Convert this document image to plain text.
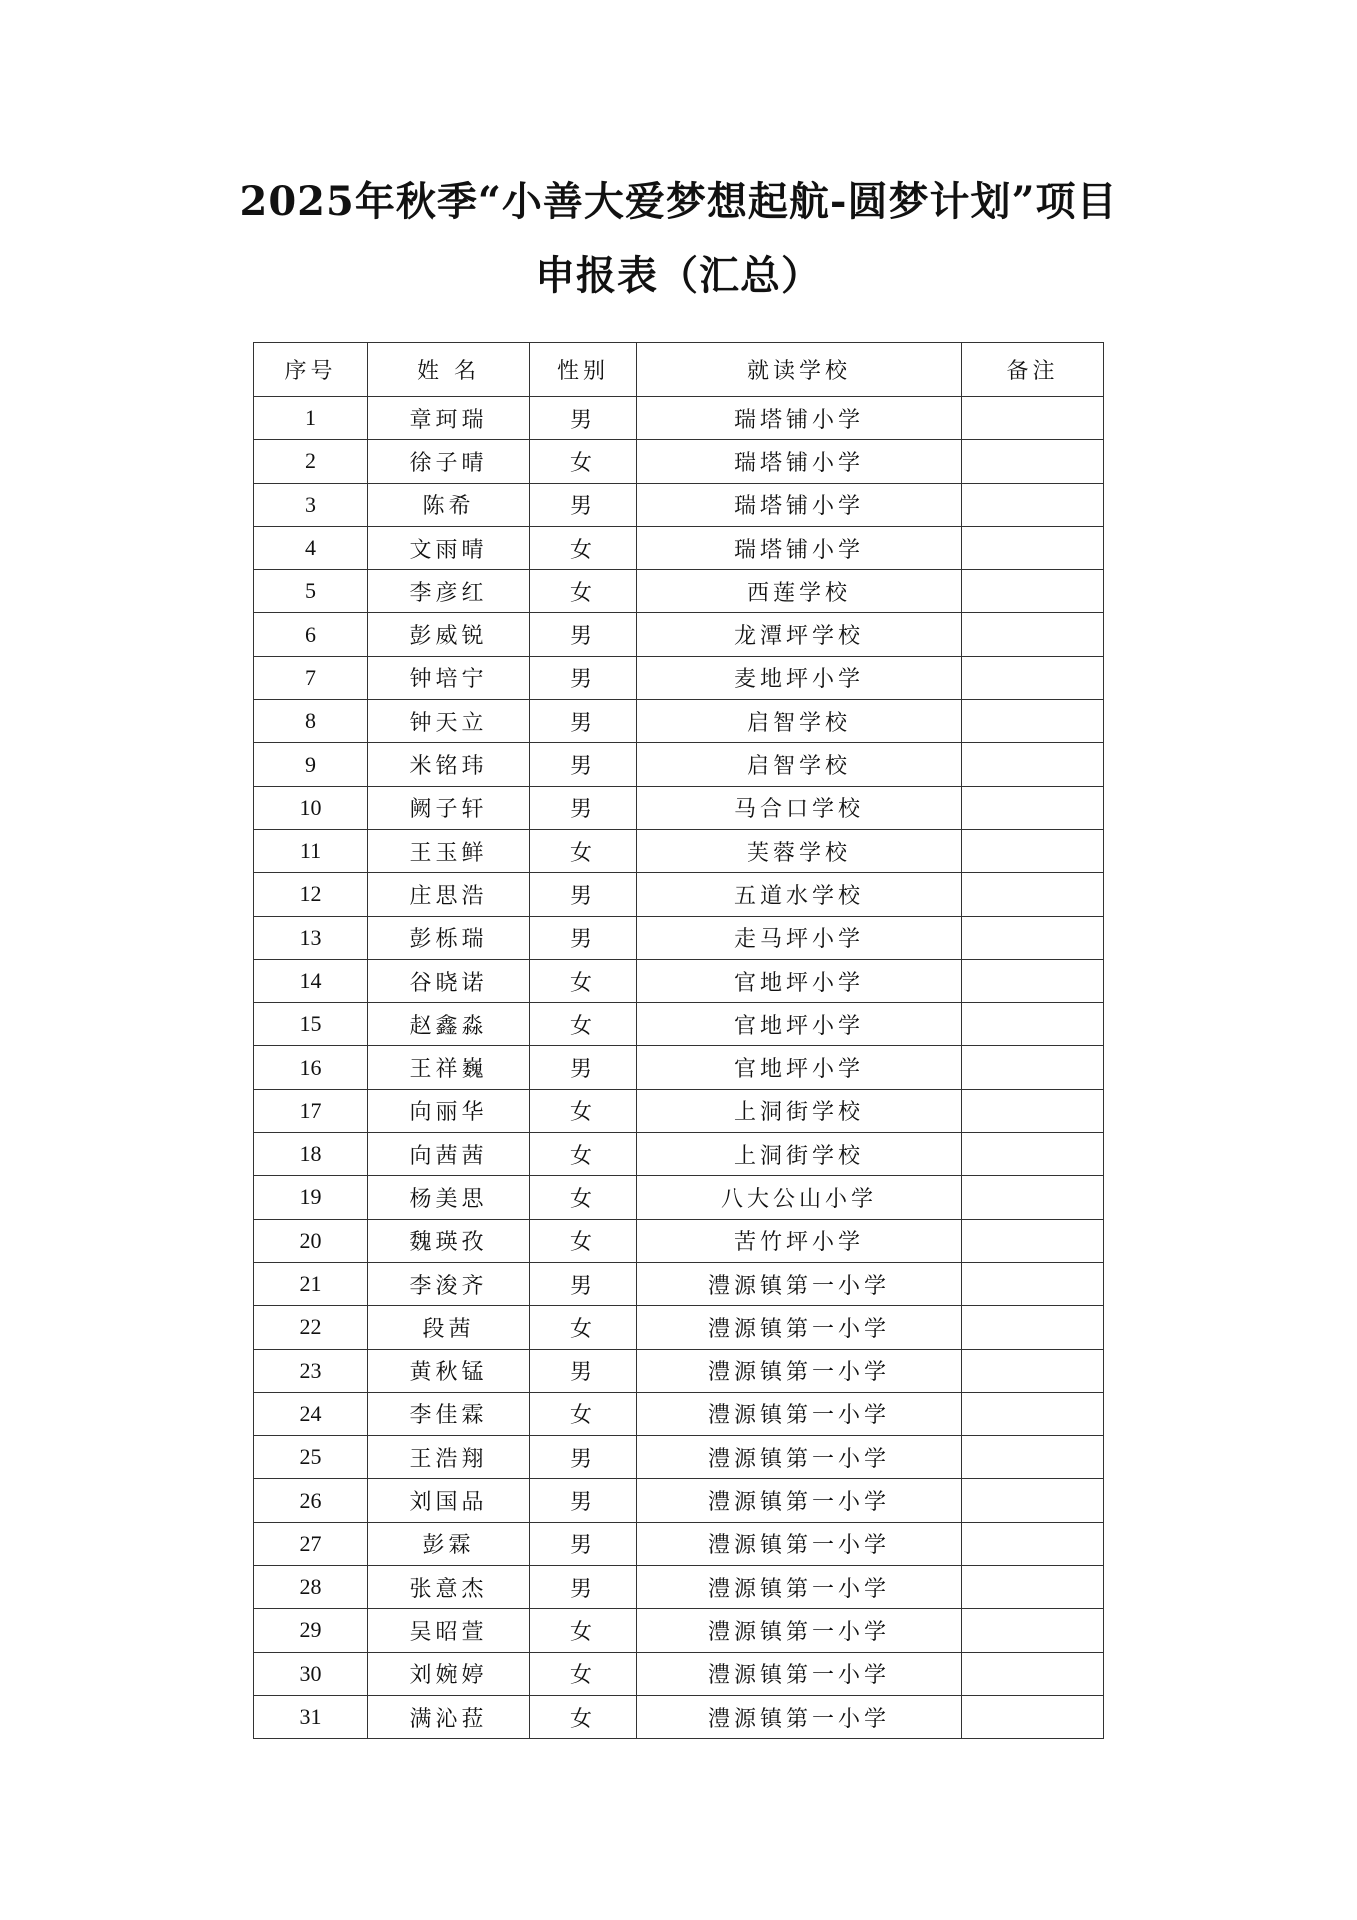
2025年秋季“小善大爱梦想起航-圆梦计划”项目
申报表（汇总）
序号	姓 名	性别	就读学校	备注
1	章珂瑞	男	瑞塔铺小学	
2	徐子晴	女	瑞塔铺小学	
3	陈希	男	瑞塔铺小学	
4	文雨晴	女	瑞塔铺小学	
5	李彦红	女	西莲学校	
6	彭威锐	男	龙潭坪学校	
7	钟培宁	男	麦地坪小学	
8	钟天立	男	启智学校	
9	米铭玮	男	启智学校	
10	阙子轩	男	马合口学校	
11	王玉鲜	女	芙蓉学校	
12	庄思浩	男	五道水学校	
13	彭栎瑞	男	走马坪小学	
14	谷晓诺	女	官地坪小学	
15	赵鑫淼	女	官地坪小学	
16	王祥巍	男	官地坪小学	
17	向丽华	女	上洞街学校	
18	向茜茜	女	上洞街学校	
19	杨美思	女	八大公山小学	
20	魏瑛孜	女	苦竹坪小学	
21	李浚齐	男	澧源镇第一小学	
22	段茜	女	澧源镇第一小学	
23	黄秋锰	男	澧源镇第一小学	
24	李佳霖	女	澧源镇第一小学	
25	王浩翔	男	澧源镇第一小学	
26	刘国品	男	澧源镇第一小学	
27	彭霖	男	澧源镇第一小学	
28	张意杰	男	澧源镇第一小学	
29	吴昭萱	女	澧源镇第一小学	
30	刘婉婷	女	澧源镇第一小学	
31	满沁菈	女	澧源镇第一小学	
